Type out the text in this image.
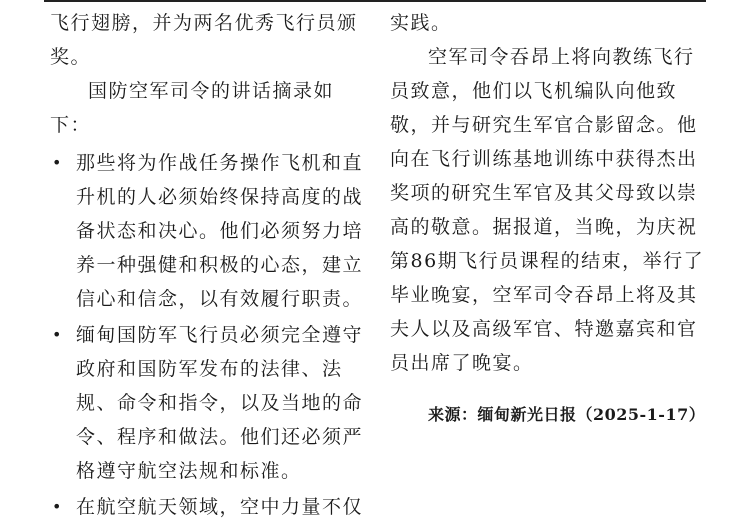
飞行翅膀，并为两名优秀飞行员颁奖。

国防空军司令的讲话摘录如下：

• 那些将为作战任务操作飞机和直升机的人必须始终保持高度的战备状态和决心。他们必须努力培养一种强健和积极的心态，建立信心和信念，以有效履行职责。
• 缅甸国防军飞行员必须完全遵守政府和国防军发布的法律、法规、命令和指令，以及当地的命令、程序和做法。他们还必须严格遵守航空法规和标准。
• 在航空航天领域，空中力量不仅

实践。

空军司令吞昂上将向教练飞行员致意，他们以飞机编队向他致敬，并与研究生军官合影留念。他向在飞行训练基地训练中获得杰出奖项的研究生军官及其父母致以崇高的敬意。据报道，当晚，为庆祝第86期飞行员课程的结束，举行了毕业晚宴，空军司令吞昂上将及其夫人以及高级军官、特邀嘉宾和官员出席了晚宴。

来源：缅甸新光日报（2025-1-17）
